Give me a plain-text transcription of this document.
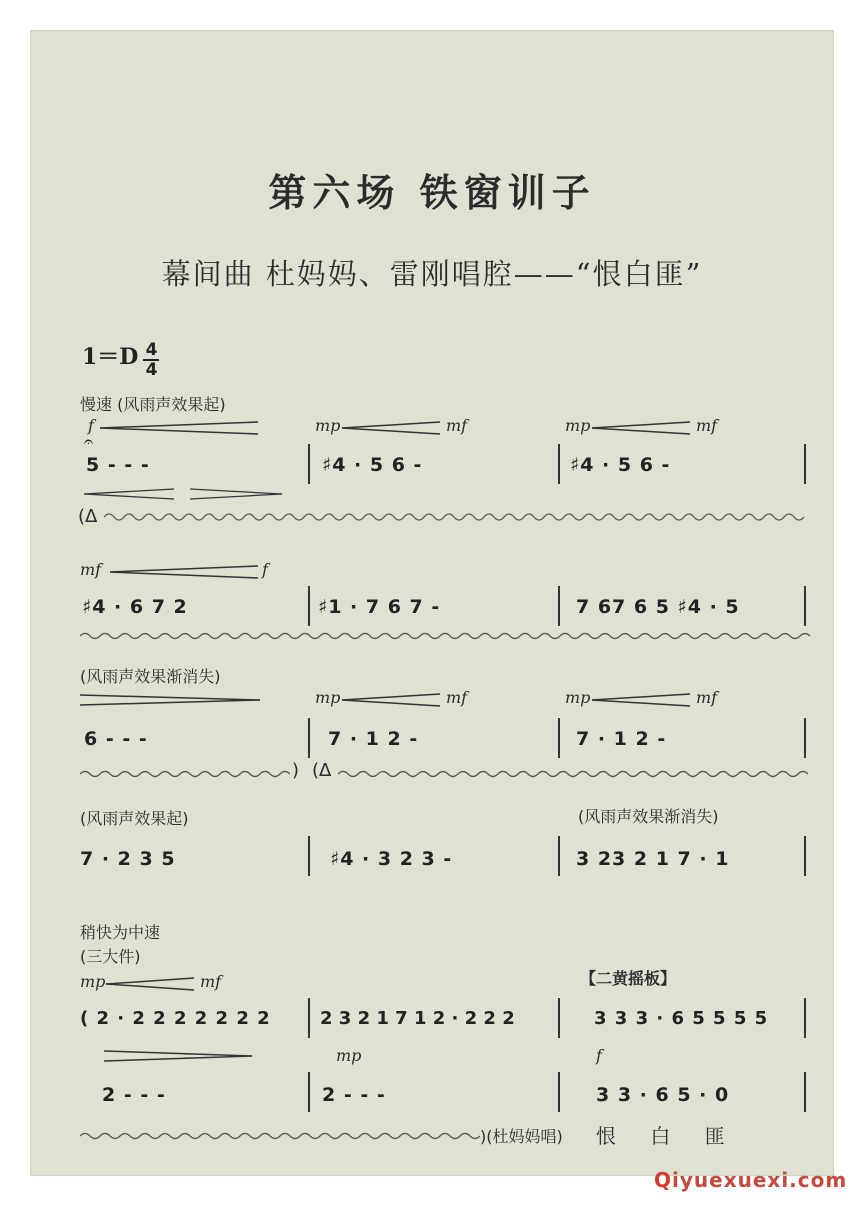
第六场 铁窗训子
幕间曲 杜妈妈、雷刚唱腔——“恨白匪”
$1=D \frac{4}{4}$
慢速 (风雨声效果起)
f
𝄐
mp	mf	mp	mf
5 ‑ ‑ ‑	♯4 · 5 6 ‑	♯4 · 5 6 ‑
(Δ
mf	f
♯4 · 6 7 2	♯1 · 7 6 7 ‑	7 67 6 5 ♯4 · 5
(风雨声效果渐消失)
mp	mf	mp	mf
6 ‑ ‑ ‑	7 · 1 2 ‑	7 · 1 2 ‑
) (Δ
(风雨声效果起)	(风雨声效果渐消失)
7 · 2 3 5	♯4 · 3 2 3 ‑	3 23 2 1 7 · 1
稍快为中速
(三大件)
mp	mf	【二黄摇板】
( 2 · 2 2 2 2 2 2 2	2 3 2 1 7 1 2 · 2 2 2	3 3 3 · 6 5 5 5 5
mp	f
2 ‑ ‑ ‑	2 ‑ ‑ ‑	3 3 · 6 5 · 0
)(杜妈妈唱) 恨 白 匪
Qiyuexuexi.com
